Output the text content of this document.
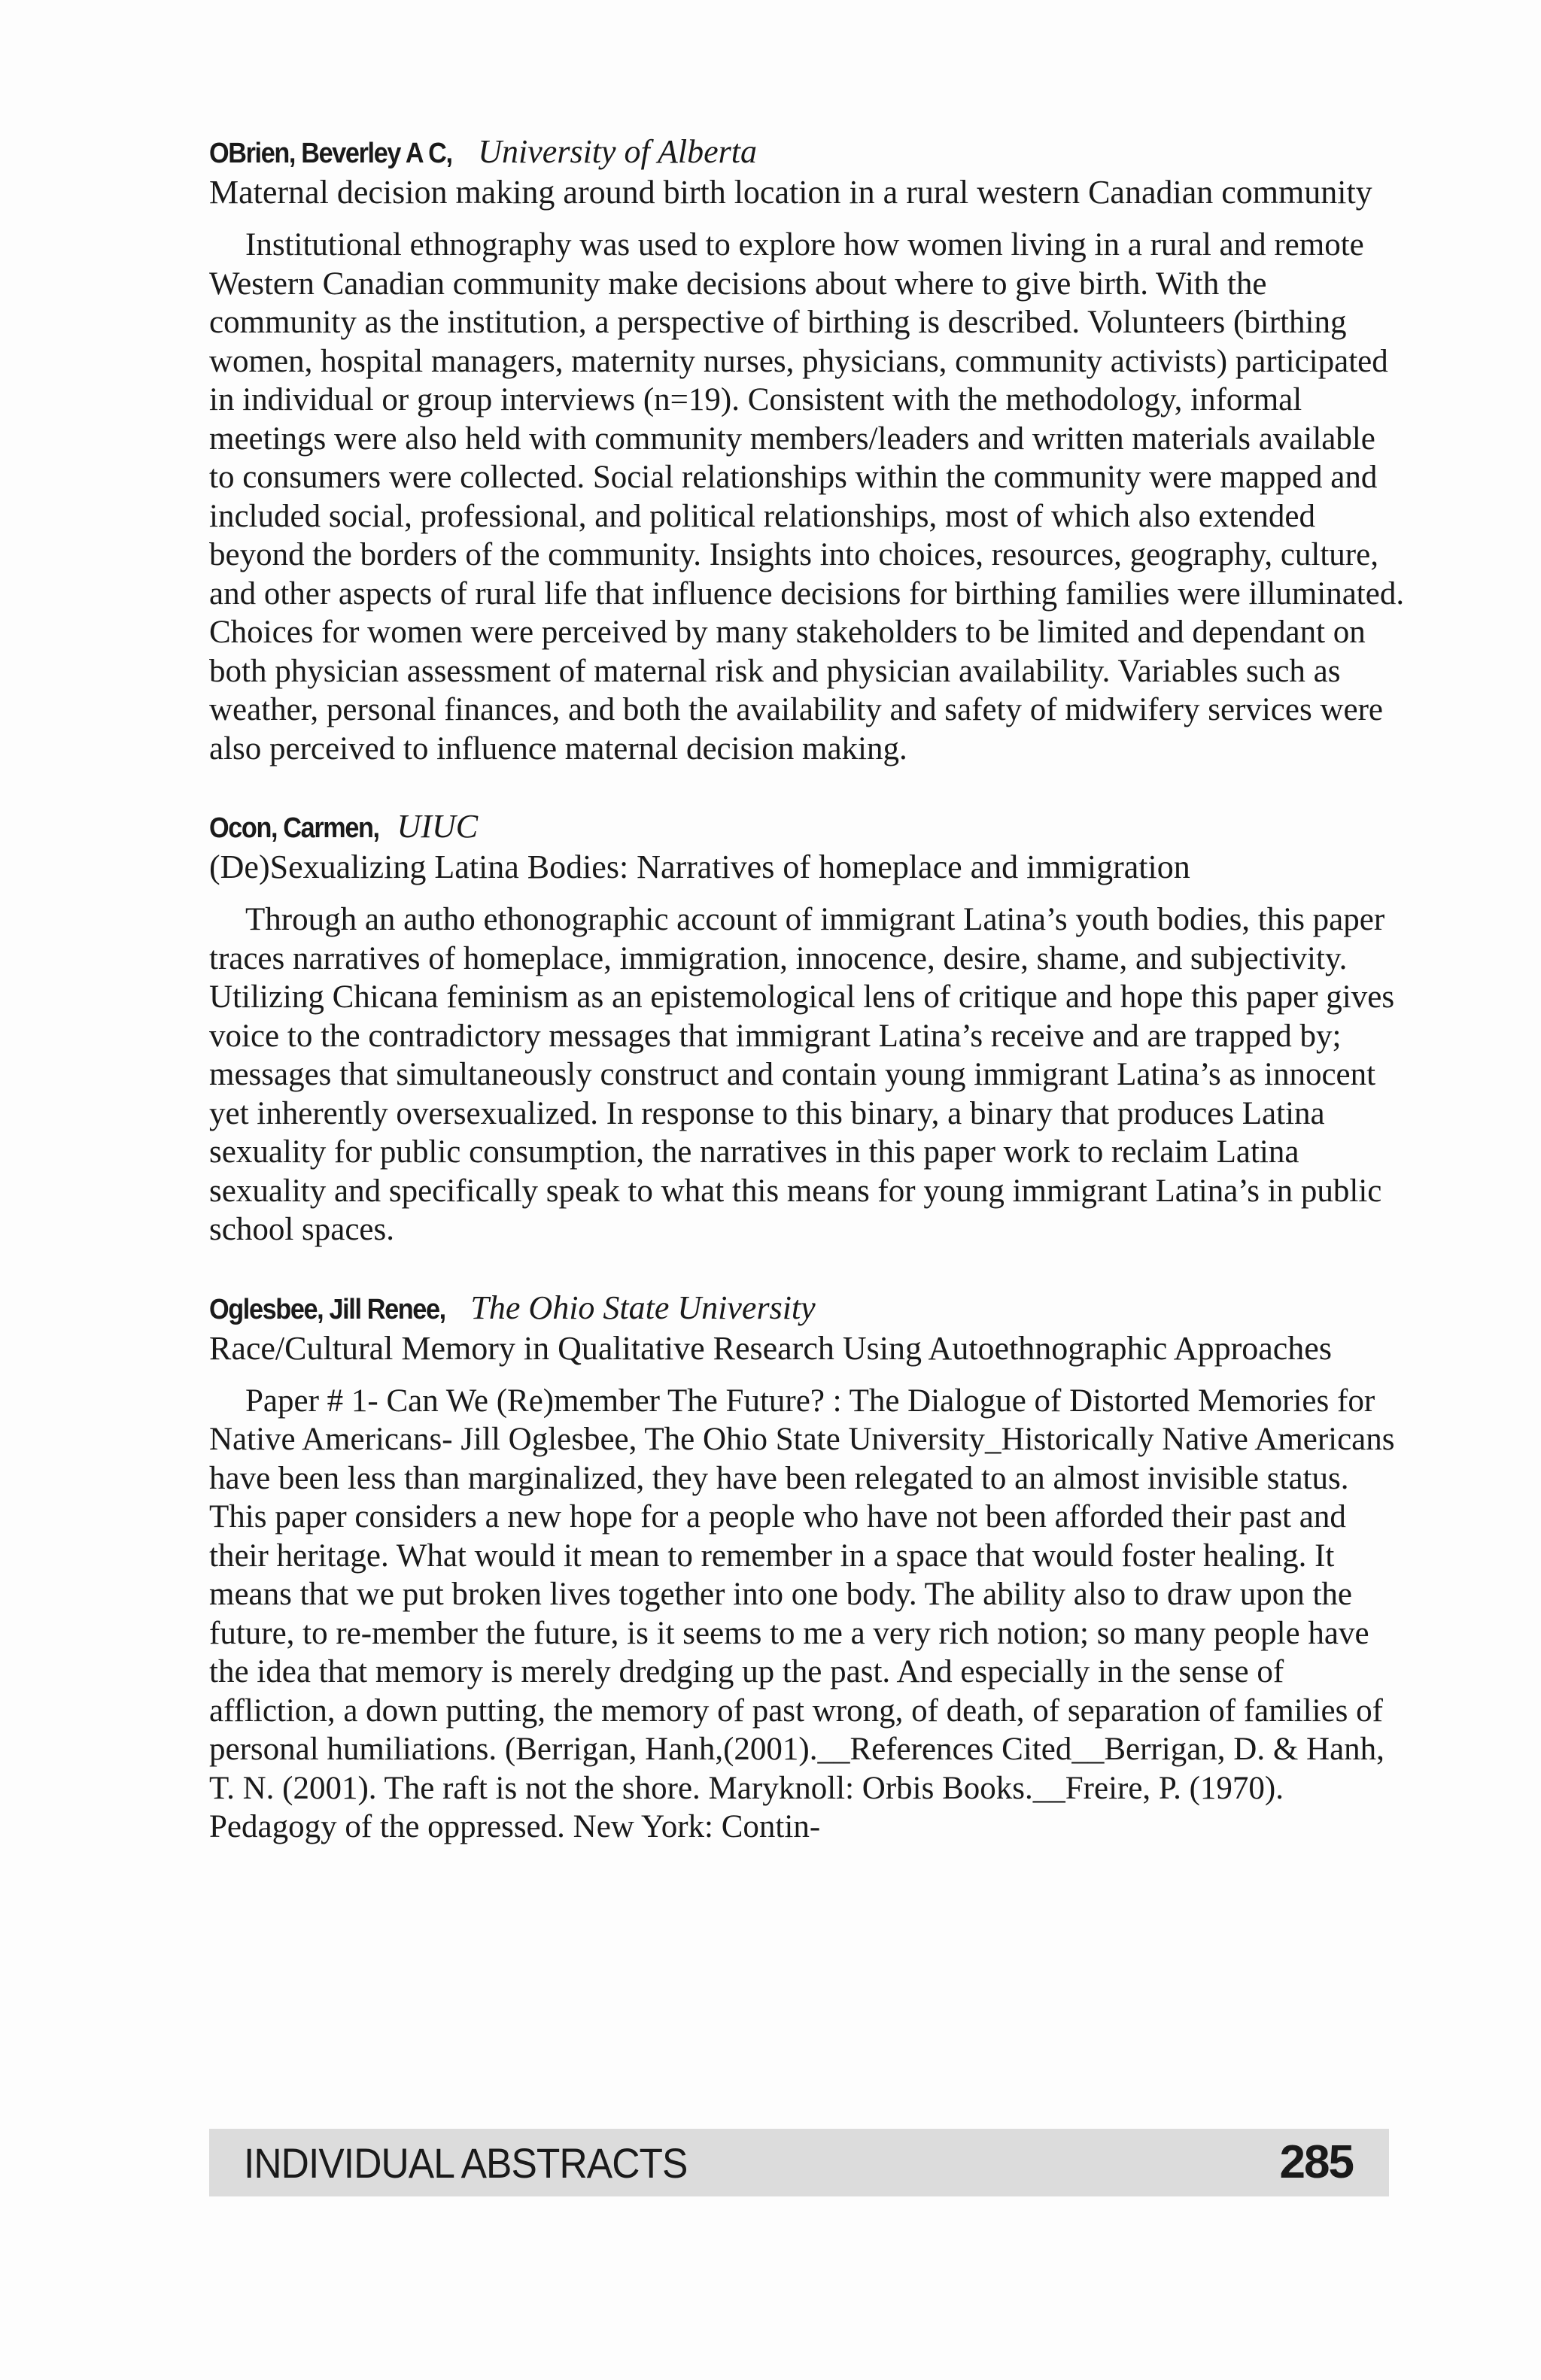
OBrien, Beverley A C, University of Alberta

Maternal decision making around birth location in a rural western Canadian community

Institutional ethnography was used to explore how women living in a rural and remote Western Canadian community make decisions about where to give birth. With the community as the institution, a perspective of birthing is described. Volunteers (birthing women, hospital managers, maternity nurses, physicians, community activists) participated in individual or group interviews (n=19). Consistent with the methodology, informal meetings were also held with community members/leaders and written materials available to consumers were collected. Social relationships within the community were mapped and included social, professional, and political relationships, most of which also extended beyond the borders of the community. Insights into choices, resources, geography, culture, and other aspects of rural life that influence decisions for birthing families were illuminated. Choices for women were perceived by many stakeholders to be limited and dependant on both physician assessment of maternal risk and physician availability. Variables such as weather, personal finances, and both the availability and safety of midwifery services were also perceived to influence maternal decision making.

Ocon, Carmen, UIUC

(De)Sexualizing Latina Bodies: Narratives of homeplace and immigration

Through an autho ethonographic account of immigrant Latina’s youth bodies, this paper traces narratives of homeplace, immigration, innocence, desire, shame, and subjectivity. Utilizing Chicana feminism as an epistemological lens of critique and hope this paper gives voice to the contradictory messages that immigrant Latina’s receive and are trapped by; messages that simultaneously construct and contain young immigrant Latina’s as innocent yet inherently oversexualized. In response to this binary, a binary that produces Latina sexuality for public consumption, the narratives in this paper work to reclaim Latina sexuality and specifically speak to what this means for young immigrant Latina’s in public school spaces.

Oglesbee, Jill Renee, The Ohio State University

Race/Cultural Memory in Qualitative Research Using Autoethnographic Approaches

Paper # 1- Can We (Re)member The Future? : The Dialogue of Distorted Memories for Native Americans- Jill Oglesbee, The Ohio State University_Historically Native Americans have been less than marginalized, they have been relegated to an almost invisible status. This paper considers a new hope for a people who have not been afforded their past and their heritage. What would it mean to remember in a space that would foster healing. It means that we put broken lives together into one body. The ability also to draw upon the future, to re-member the future, is it seems to me a very rich notion; so many people have the idea that memory is merely dredging up the past. And especially in the sense of affliction, a down putting, the memory of past wrong, of death, of separation of families of personal humiliations. (Berrigan, Hanh,(2001).__References Cited__Berrigan, D. & Hanh, T. N. (2001). The raft is not the shore. Maryknoll: Orbis Books.__Freire, P. (1970). Pedagogy of the oppressed. New York: Contin-

INDIVIDUAL ABSTRACTS	285
